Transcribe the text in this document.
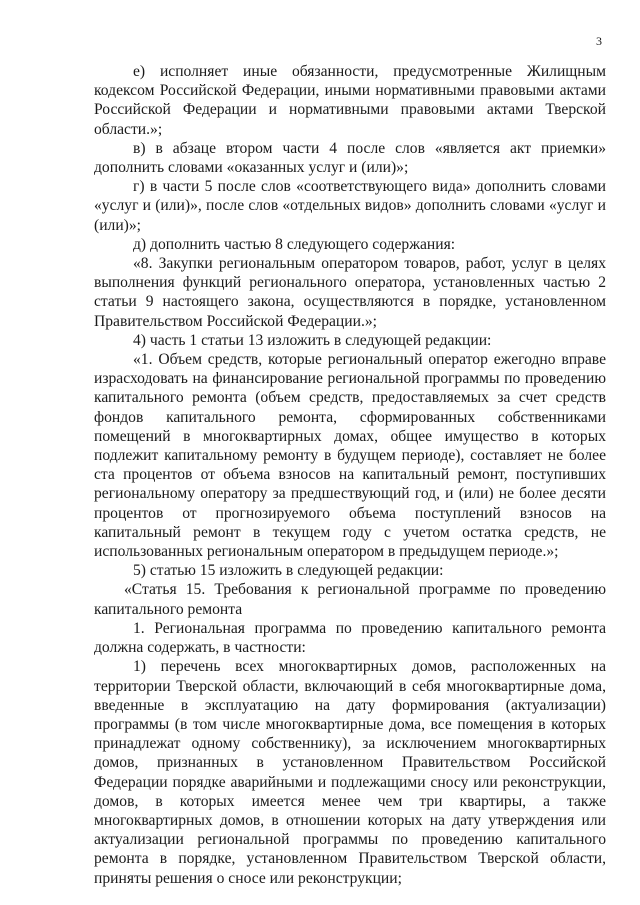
3

е) исполняет иные обязанности, предусмотренные Жилищным кодексом Российской Федерации, иными нормативными правовыми актами Российской Федерации и нормативными правовыми актами Тверской области.»;

в) в абзаце втором части 4 после слов «является акт приемки» дополнить словами «оказанных услуг и (или)»;

г) в части 5 после слов «соответствующего вида» дополнить словами «услуг и (или)», после слов «отдельных видов» дополнить словами «услуг и (или)»;

д) дополнить частью 8 следующего содержания:

«8. Закупки региональным оператором товаров, работ, услуг в целях выполнения функций регионального оператора, установленных частью 2 статьи 9 настоящего закона, осуществляются в порядке, установленном Правительством Российской Федерации.»;

4) часть 1 статьи 13 изложить в следующей редакции:

«1. Объем средств, которые региональный оператор ежегодно вправе израсходовать на финансирование региональной программы по проведению капитального ремонта (объем средств, предоставляемых за счет средств фондов капитального ремонта, сформированных собственниками помещений в многоквартирных домах, общее имущество в которых подлежит капитальному ремонту в будущем периоде), составляет не более ста процентов от объема взносов на капитальный ремонт, поступивших региональному оператору за предшествующий год, и (или) не более десяти процентов от прогнозируемого объема поступлений взносов на капитальный ремонт в текущем году с учетом остатка средств, не использованных региональным оператором в предыдущем периоде.»;

5) статью 15 изложить в следующей редакции:

«Статья 15. Требования к региональной программе по проведению капитального ремонта

1. Региональная программа по проведению капитального ремонта должна содержать, в частности:

1) перечень всех многоквартирных домов, расположенных на территории Тверской области, включающий в себя многоквартирные дома, введенные в эксплуатацию на дату формирования (актуализации) программы (в том числе многоквартирные дома, все помещения в которых принадлежат одному собственнику), за исключением многоквартирных домов, признанных в установленном Правительством Российской Федерации порядке аварийными и подлежащими сносу или реконструкции, домов, в которых имеется менее чем три квартиры, а также многоквартирных домов, в отношении которых на дату утверждения или актуализации региональной программы по проведению капитального ремонта в порядке, установленном Правительством Тверской области, приняты решения о сносе или реконструкции;
